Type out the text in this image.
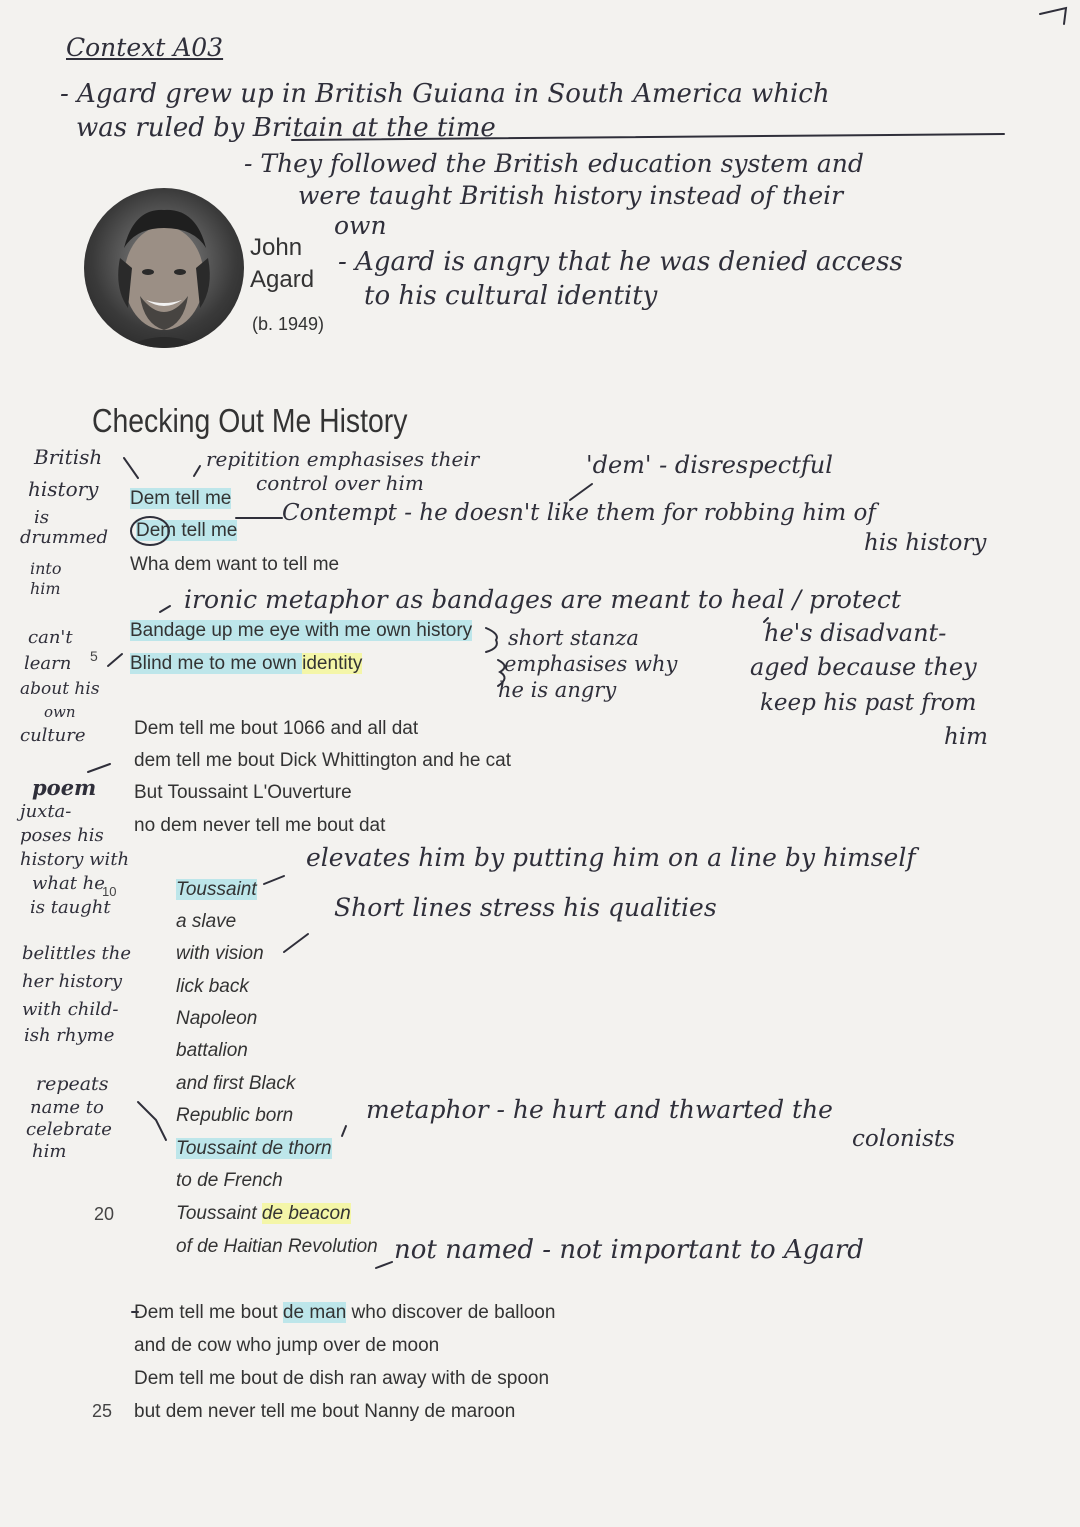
Context A03
- Agard grew up in British Guiana in South America which
was ruled by Britain at the time
- They followed the British education system and
were taught British history instead of their
own
- Agard is angry that he was denied access
to his cultural identity
John
Agard
(b. 1949)
Checking Out Me History
Dem tell me
Dem tell me
Wha dem want to tell me
Bandage up me eye with me own history
Blind me to me own identity
Dem tell me bout 1066 and all dat
dem tell me bout Dick Whittington and he cat
But Toussaint L'Ouverture
no dem never tell me bout dat
Toussaint
a slave
with vision
lick back
Napoleon
battalion
and first Black
Republic born
Toussaint de thorn
to de French
Toussaint de beacon
of de Haitian Revolution
Dem tell me bout de man who discover de balloon
and de cow who jump over de moon
Dem tell me bout de dish ran away with de spoon
but dem never tell me bout Nanny de maroon
5
10
20
25
British
history
is
drummed
into
him
can't
learn
about his
own
culture
poem
juxta-
poses his
history with
what he
is taught
belittles the
her history
with child-
ish rhyme
repeats
name to
celebrate
him
repitition emphasises their
control over him
'dem' - disrespectful
Contempt - he doesn't like them for robbing him of
his history
ironic metaphor as bandages are meant to heal / protect
short stanza
emphasises why
he is angry
he's disadvant-
aged because they
keep his past from
him
elevates him by putting him on a line by himself
Short lines stress his qualities
metaphor - he hurt and thwarted the
colonists
not named - not important to Agard
